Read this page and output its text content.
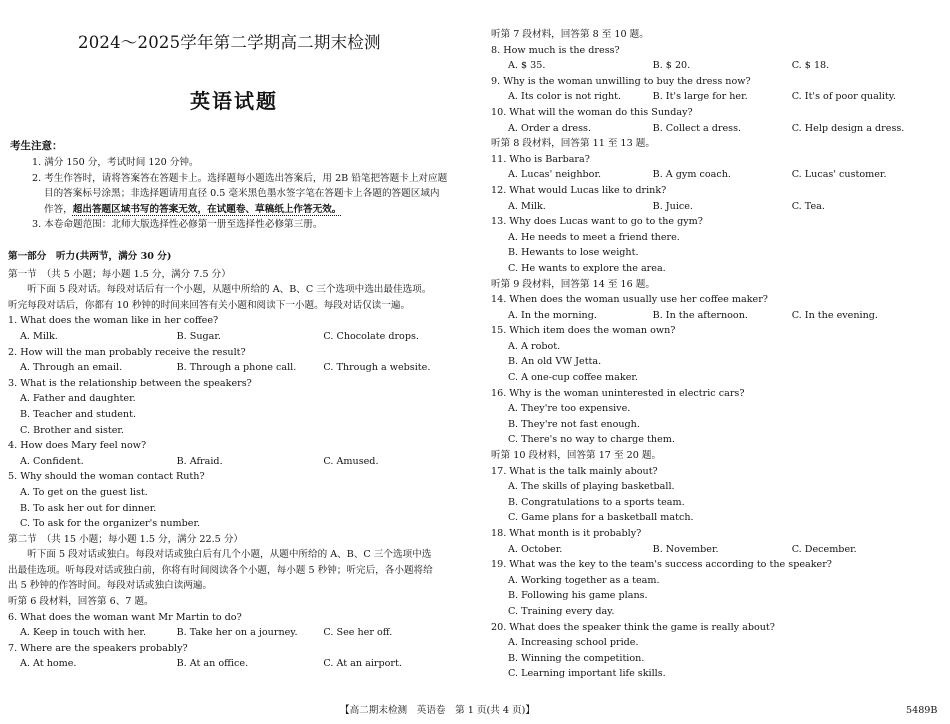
2024～2025学年第二学期高二期末检测
英语试题
考生注意：
1. 满分 150 分，考试时间 120 分钟。
2. 考生作答时，请将答案答在答题卡上。选择题每小题选出答案后，用 2B 铅笔把答题卡上对应题
目的答案标号涂黑；非选择题请用直径 0.5 毫米黑色墨水签字笔在答题卡上各题的答题区域内
作答，超出答题区域书写的答案无效，在试题卷、草稿纸上作答无效。
3. 本卷命题范围：北师大版选择性必修第一册至选择性必修第三册。
第一部分　听力(共两节，满分 30 分)
第一节　（共 5 小题；每小题 1.5 分，满分 7.5 分）
　　听下面 5 段对话。每段对话后有一个小题，从题中所给的 A、B、C 三个选项中选出最佳选项。
听完每段对话后，你都有 10 秒钟的时间来回答有关小题和阅读下一小题。每段对话仅读一遍。
1. What does the woman like in her coffee?
A. Milk.	B. Sugar.	C. Chocolate drops.
2. How will the man probably receive the result?
A. Through an email.	B. Through a phone call.	C. Through a website.
3. What is the relationship between the speakers?
A. Father and daughter.
B. Teacher and student.
C. Brother and sister.
4. How does Mary feel now?
A. Confident.	B. Afraid.	C. Amused.
5. Why should the woman contact Ruth?
A. To get on the guest list.
B. To ask her out for dinner.
C. To ask for the organizer's number.
第二节　（共 15 小题；每小题 1.5 分，满分 22.5 分）
　　听下面 5 段对话或独白。每段对话或独白后有几个小题，从题中所给的 A、B、C 三个选项中选
出最佳选项。听每段对话或独白前，你将有时间阅读各个小题，每小题 5 秒钟；听完后，各小题将给
出 5 秒钟的作答时间。每段对话或独白读两遍。
听第 6 段材料，回答第 6、7 题。
6. What does the woman want Mr Martin to do?
A. Keep in touch with her.	B. Take her on a journey.	C. See her off.
7. Where are the speakers probably?
A. At home.	B. At an office.	C. At an airport.
听第 7 段材料，回答第 8 至 10 题。
8. How much is the dress?
A. $ 35.	B. $ 20.	C. $ 18.
9. Why is the woman unwilling to buy the dress now?
A. Its color is not right.	B. It's large for her.	C. It's of poor quality.
10. What will the woman do this Sunday?
A. Order a dress.	B. Collect a dress.	C. Help design a dress.
听第 8 段材料，回答第 11 至 13 题。
11. Who is Barbara?
A. Lucas' neighbor.	B. A gym coach.	C. Lucas' customer.
12. What would Lucas like to drink?
A. Milk.	B. Juice.	C. Tea.
13. Why does Lucas want to go to the gym?
A. He needs to meet a friend there.
B. Hewants to lose weight.
C. He wants to explore the area.
听第 9 段材料，回答第 14 至 16 题。
14. When does the woman usually use her coffee maker?
A. In the morning.	B. In the afternoon.	C. In the evening.
15. Which item does the woman own?
A. A robot.
B. An old VW Jetta.
C. A one-cup coffee maker.
16. Why is the woman uninterested in electric cars?
A. They're too expensive.
B. They're not fast enough.
C. There's no way to charge them.
听第 10 段材料，回答第 17 至 20 题。
17. What is the talk mainly about?
A. The skills of playing basketball.
B. Congratulations to a sports team.
C. Game plans for a basketball match.
18. What month is it probably?
A. October.	B. November.	C. December.
19. What was the key to the team's success according to the speaker?
A. Working together as a team.
B. Following his game plans.
C. Training every day.
20. What does the speaker think the game is really about?
A. Increasing school pride.
B. Winning the competition.
C. Learning important life skills.
【高二期末检测　英语卷　第 1 页(共 4 页)】	5489B
